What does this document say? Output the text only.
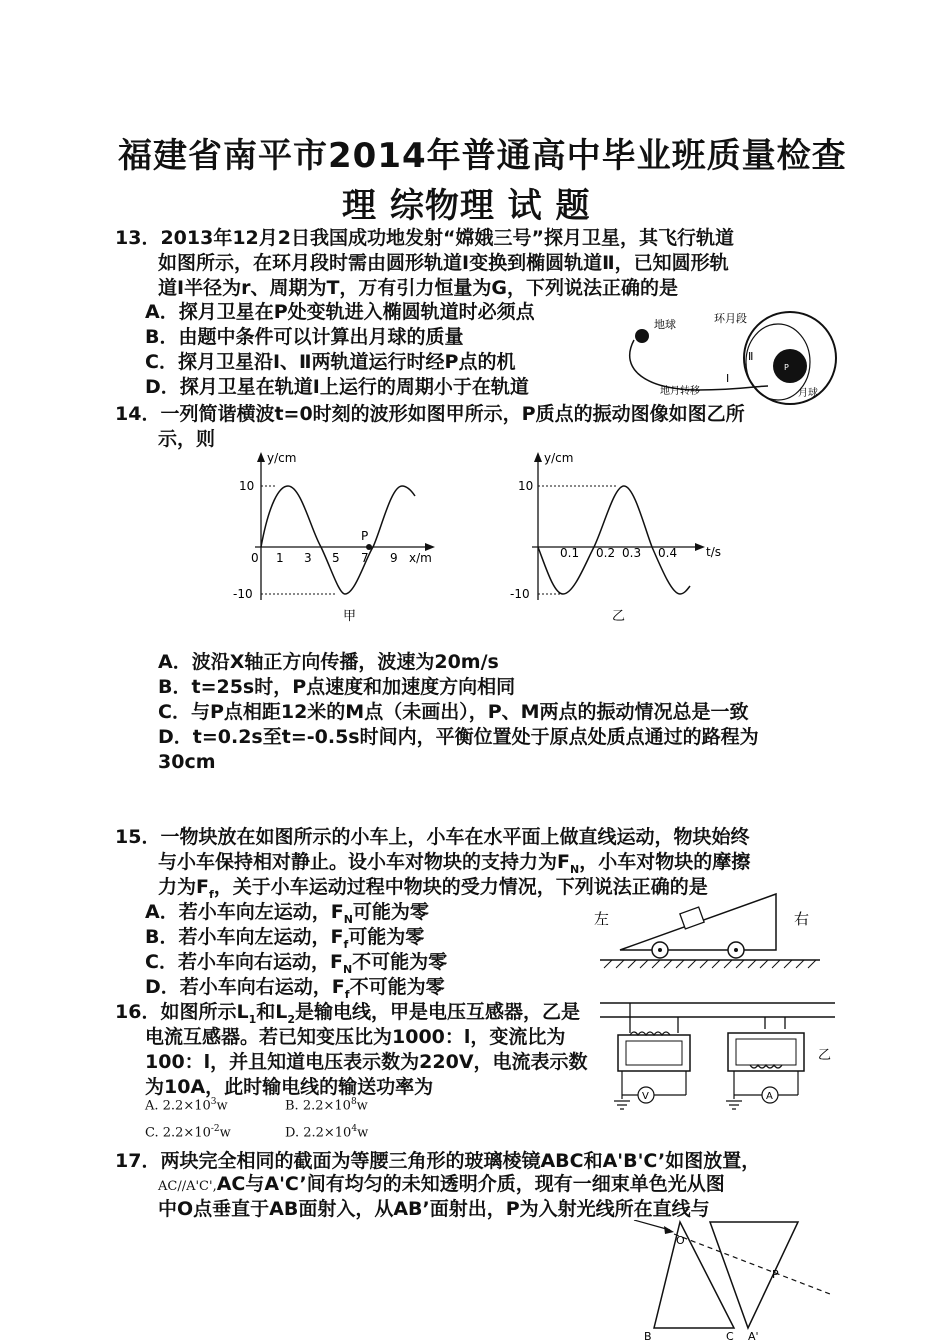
福建省南平市2014年普通高中毕业班质量检查
理 综物理 试 题
13．2013年12月2日我国成功地发射“嫦娥三号”探月卫星，其飞行轨道
如图所示，在环月段时需由圆形轨道Ⅰ变换到椭圆轨道Ⅱ，已知圆形轨
道Ⅰ半径为r、周期为T，万有引力恒量为G，下列说法正确的是
A．探月卫星在P处变轨进入椭圆轨道时必须点
B．由题中条件可以计算出月球的质量
C．探月卫星沿Ⅰ、Ⅱ两轨道运行时经P点的机
D．探月卫星在轨道Ⅰ上运行的周期小于在轨道
地球	环月段
地月转移	月球
Ⅰ
Ⅱ
P
14．一列简谐横波t=0时刻的波形如图甲所示，P质点的振动图像如图乙所
示，则
y/cm
x/m
10
-10
0 1 3 5 7 9
P
甲
y/cm
t/s
10
-10
0.1 0.2 0.3 0.4
乙
A．波沿X轴正方向传播，波速为20m/s
B．t=25s时，P点速度和加速度方向相同
C．与P点相距12米的M点（未画出），P、M两点的振动情况总是一致
D．t=0.2s至t=-0.5s时间内，平衡位置处于原点处质点通过的路程为
30cm
15．一物块放在如图所示的小车上，小车在水平面上做直线运动，物块始终
与小车保持相对静止。设小车对物块的支持力为$F_N$，小车对物块的摩擦
力为$F_f$，关于小车运动过程中物块的受力情况，下列说法正确的是
A．若小车向左运动，$F_N$可能为零
B．若小车向左运动，$F_f$可能为零
C．若小车向右运动，$F_N$不可能为零
D．若小车向右运动，$F_f$不可能为零
左	右
16．如图所示$L_1$和$L_2$是输电线，甲是电压互感器，乙是
电流互感器。若已知变压比为1000：l，变流比为
100：l，并且知道电压表示数为220V，电流表示数
为10A，此时输电线的输送功率为
A. $2.2\times 10^3w$	B. $2.2\times 10^8w$
C. $2.2\times 10^{-2}w$	D. $2.2\times 10^4w$
V
乙
A
17．两块完全相同的截面为等腰三角形的玻璃棱镜ABC和A'B'C’如图放置，
AC//A'C',AC与A'C’间有均匀的未知透明介质，现有一细束单色光从图
中O点垂直于AB面射入，从AB’面射出，P为入射光线所在直线与
O
P
B	C A'
